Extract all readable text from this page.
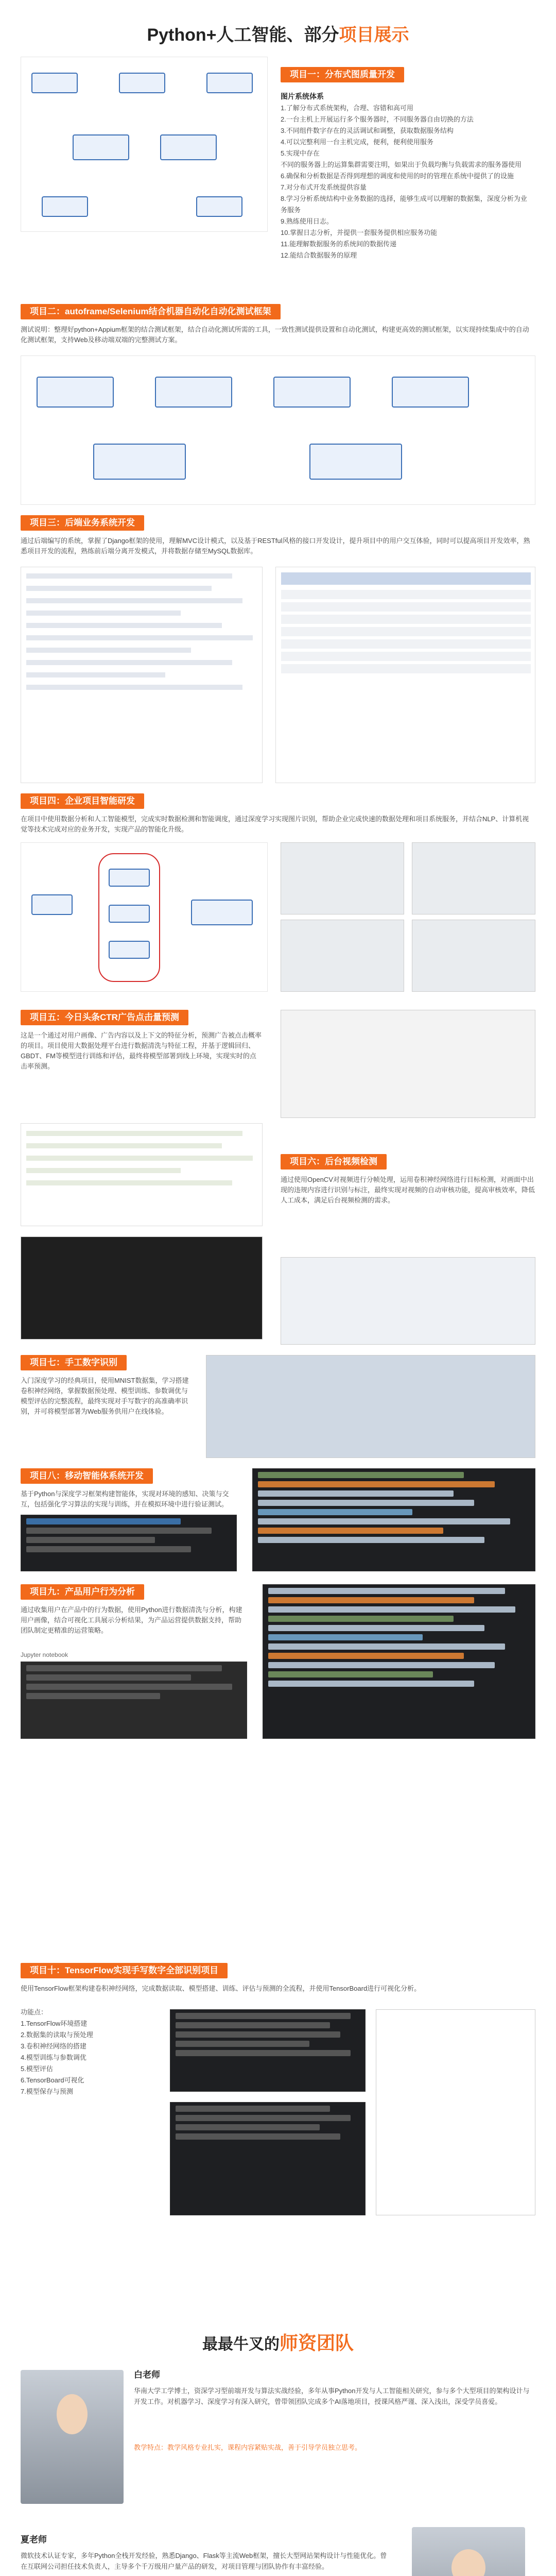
Python+人工智能、部分项目展示
项目一：分布式图质量开发
图片系统体系
1.了解分布式系统架构，合理、容错和高可用
2.一台主机上开展运行多个服务器时，不同服务器自由切换的方法
3.不同组件数字存在的灵活调试和调整，获取数据服务结构
4.可以完整利用一台主机完成，便利，便利使用服务
5.实现中存在
不同的服务器上的运算集群需要注明，如果出于负载均衡与负载需求的服务器使用
6.确保和分析数据是否得到理想的调度和使用的时的管理在系统中提供了的设施
7.对分布式开发系统提供容量
8.学习分析系统结构中业务数据的选择，能够生成可以理解的数据集，深度分析为业务服务
9.熟练使用日志。
10.掌握日志分析，并提供一套服务提供相应服务功能
11.能理解数据服务的系统间的数据传递
12.能结合数据服务的原理
项目二：autoframe/Selenium结合机器自动化自动化测试框架
测试说明：整理好python+Appium框架的结合测试框架，结合自动化测试所需的工具，一致性测试提供设置和自动化测试，构建更高效的测试框架，以实现持续集成中的自动化测试框架，支持Web及移动端双端的完整测试方案。
项目三：后端业务系统开发
通过后端编写的系统，掌握了Django框架的使用，理解MVC设计模式，以及基于RESTful风格的接口开发设计，提升项目中的用户交互体验，同时可以提高项目开发效率，熟悉项目开发的流程，熟练前后端分离开发模式，并将数据存储至MySQL数据库。
项目四：企业项目智能研发
在项目中使用数据分析和人工智能模型，完成实时数据检测和智能调度，通过深度学习实现图片识别，帮助企业完成快速的数据处理和项目系统服务，并结合NLP、计算机视觉等技术完成对应的业务开发，实现产品的智能化升级。
项目五：今日头条CTR广告点击量预测
这是一个通过对用户画像、广告内容以及上下文的特征分析，预测广告被点击概率的项目。项目使用大数据处理平台进行数据清洗与特征工程，并基于逻辑回归、GBDT、FM等模型进行训练和评估，最终将模型部署到线上环境，实现实时的点击率预测。
项目六：后台视频检测
通过使用OpenCV对视频进行分帧处理，运用卷积神经网络进行目标检测，对画面中出现的违规内容进行识别与标注，最终实现对视频的自动审核功能，提高审核效率，降低人工成本，满足后台视频检测的需求。
项目七：手工数字识别
入门深度学习的经典项目，使用MNIST数据集，学习搭建卷积神经网络，掌握数据预处理、模型训练、参数调优与模型评估的完整流程，最终实现对手写数字的高准确率识别，并可将模型部署为Web服务供用户在线体验。
项目八：移动智能体系统开发
基于Python与深度学习框架构建智能体，实现对环境的感知、决策与交互，包括强化学习算法的实现与训练，并在模拟环境中进行验证测试。
项目九：产品用户行为分析
通过收集用户在产品中的行为数据，使用Python进行数据清洗与分析，构建用户画像，结合可视化工具展示分析结果，为产品运营提供数据支持，帮助团队制定更精准的运营策略。
Jupyter notebook
项目十：TensorFlow实现手写数字全部识别项目
使用TensorFlow框架构建卷积神经网络，完成数据读取、模型搭建、训练、评估与预测的全流程，并使用TensorBoard进行可视化分析。
功能点：
1.TensorFlow环境搭建
2.数据集的读取与预处理
3.卷积神经网络的搭建
4.模型训练与参数调优
5.模型评估
6.TensorBoard可视化
7.模型保存与预测
最最牛叉的师资团队
白老师
华南大学工学博士，资深学习型前端开发与算法实战经验，多年从事Python开发与人工智能相关研究，参与多个大型项目的架构设计与开发工作。对机器学习、深度学习有深入研究，曾带领团队完成多个AI落地项目，授课风格严谨、深入浅出，深受学员喜爱。
教学特点：教学风格专业扎实，课程内容紧贴实战，善于引导学员独立思考。
夏老师
微软技术认证专家，多年Python全栈开发经验，熟悉Django、Flask等主流Web框架，擅长大型网站架构设计与性能优化。曾在互联网公司担任技术负责人，主导多个千万级用户量产品的研发，对项目管理与团队协作有丰富经验。
